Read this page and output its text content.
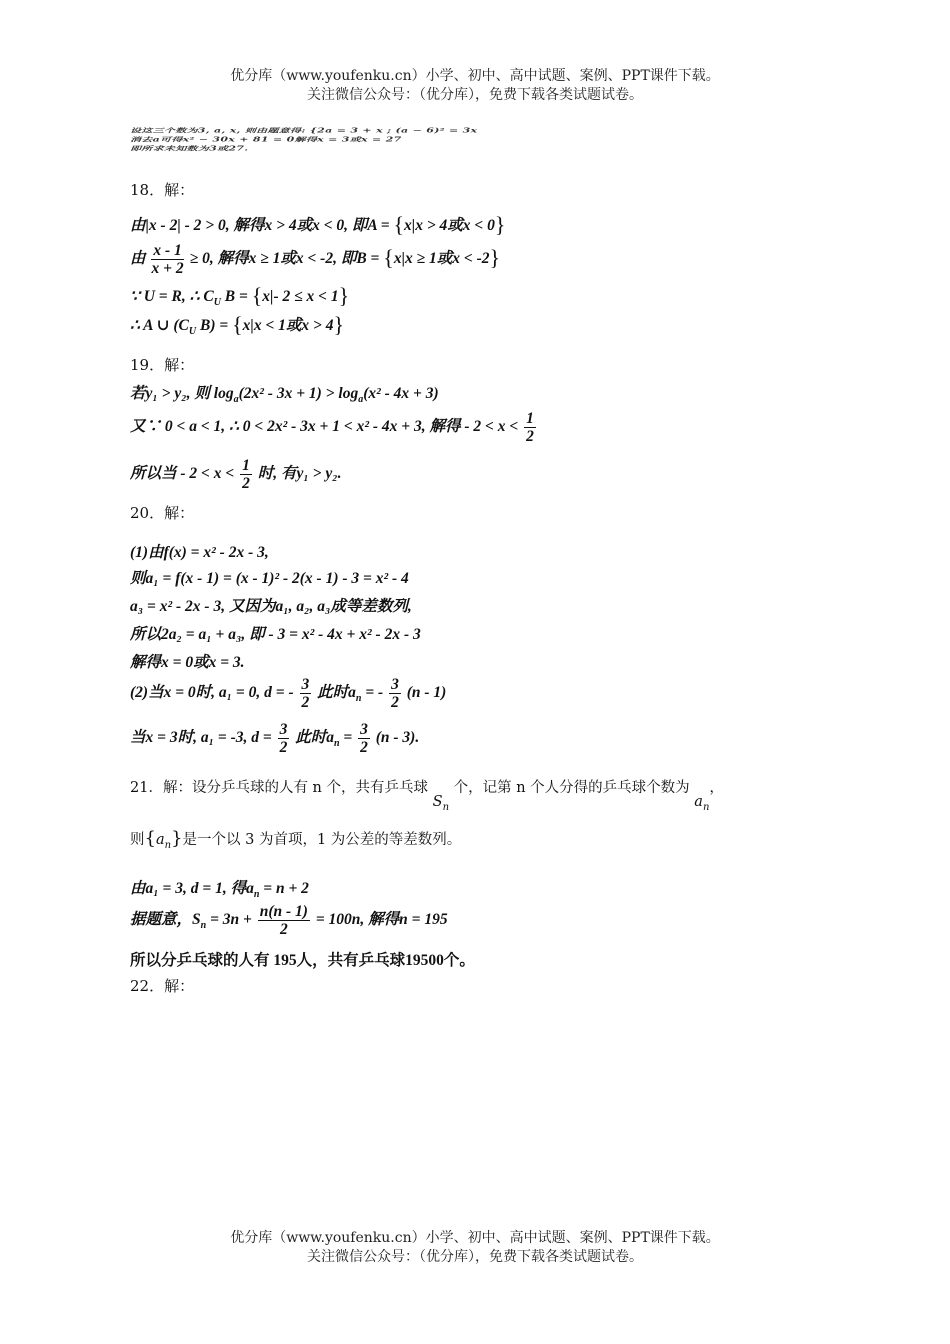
优分库（www.youfenku.cn）小学、初中、高中试题、案例、PPT课件下载。
关注微信公众号：（优分库），免费下载各类试题试卷。
设这三个数为3, a, x, 则由题意得: {2a = 3 + x ; (a − 6)² = 3x
消去a可得x² − 30x + 81 = 0解得x = 3或x = 27
即所求未知数为3或27.
18．解：
由|x - 2| - 2 > 0, 解得x > 4或x < 0, 即A = {x|x > 4或x < 0}
由 $\frac{x - 1}{x + 2} \ge 0$, 解得x ≥ 1或x < -2, 即B = {x|x ≥ 1或x < -2}
∵ U = R, ∴ $C_U$ B = {x|- 2 ≤ x < 1}
∴ A ∪ ($C_U$ B) = {x|x < 1或x > 4}
19．解：
若y₁ > y₂, 则 $\log_a(2x^2 - 3x + 1) > \log_a(x^2 - 4x + 3)$
又∵ 0 < a < 1, ∴ 0 < 2x² - 3x + 1 < x² - 4x + 3, 解得 - $2 < x < \frac{1}{2}$
所以当 - $2 < x < \frac{1}{2}$ 时, 有y₁ > y₂.
20．解：
(1)由f(x) = x² - 2x - 3,
则a₁ = f(x - 1) = (x - 1)² - 2(x - 1) - 3 = x² - 4
a₃ = x² - 2x - 3, 又因为a₁, a₂, a₃成等差数列,
所以2a₂ = a₁ + a₃, 即 - 3 = x² - 4x + x² - 2x - 3
解得x = 0或x = 3.
(2)当x = 0时, a₁ = 0, d = - $\frac{3}{2}$ 此时$a_n$ = - $\frac{3}{2} (n - 1)$
当x = 3时, a₁ = -3, $d = \frac{3}{2}$ 此时$a_n = \frac{3}{2} (n - 3)$.
21．解：设分乒乓球的人有 n 个，共有乒乓球 $S_n$ 个，记第 n 个人分得的乒乓球个数为 $a_n$，
则$\{a_n\}$是一个以 3 为首项，1 为公差的等差数列。
由a₁ = 3, d = 1, 得$a_n = n + 2$
据题意，$S_n = 3n + \frac{n(n - 1)}{2} = 100n$, 解得n = 195
所以分乒乓球的人有 195人，共有乒乓球19500个。
22．解：
优分库（www.youfenku.cn）小学、初中、高中试题、案例、PPT课件下载。
关注微信公众号：（优分库），免费下载各类试题试卷。
